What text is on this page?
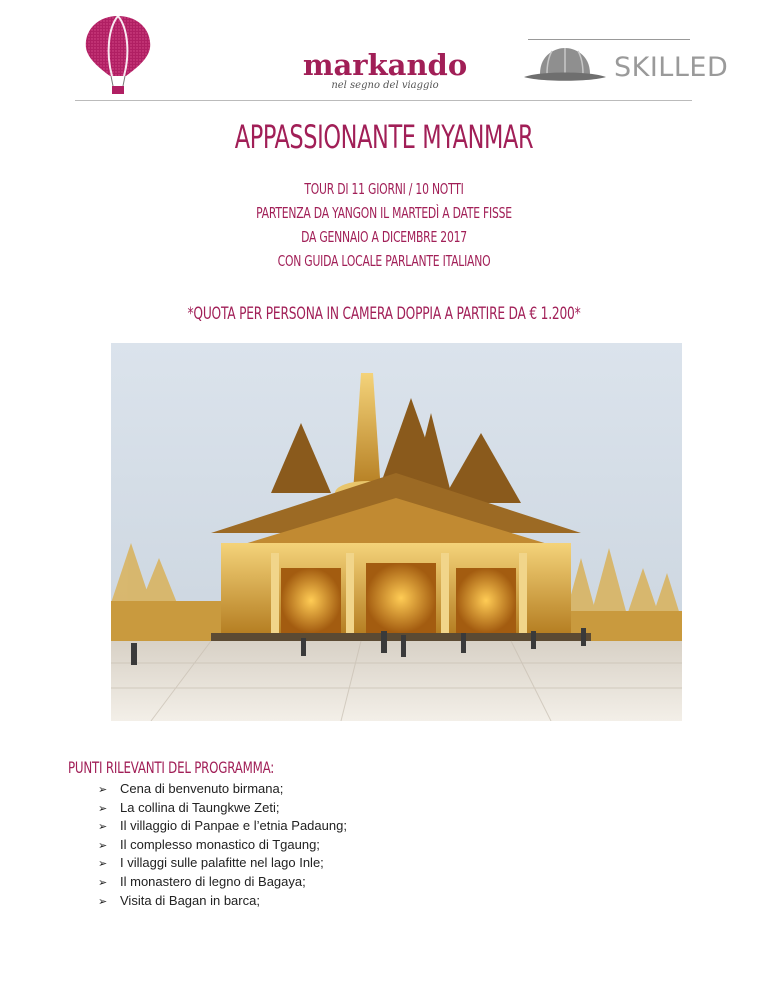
markando
nel segno del viaggio
SKILLED
APPASSIONANTE MYANMAR
TOUR DI 11 GIORNI / 10 NOTTI
PARTENZA DA YANGON IL MARTEDÌ A DATE FISSE
DA GENNAIO A DICEMBRE 2017
CON GUIDA LOCALE PARLANTE ITALIANO
*QUOTA PER PERSONA IN CAMERA DOPPIA A PARTIRE DA € 1.200*
PUNTI RILEVANTI DEL PROGRAMMA:
➢ Cena di benvenuto birmana;
➢ La collina di Taungkwe Zeti;
➢ Il villaggio di Panpae e l’etnia Padaung;
➢ Il complesso monastico di Tgaung;
➢ I villaggi sulle palafitte nel lago Inle;
➢ Il monastero di legno di Bagaya;
➢ Visita di Bagan in barca;
